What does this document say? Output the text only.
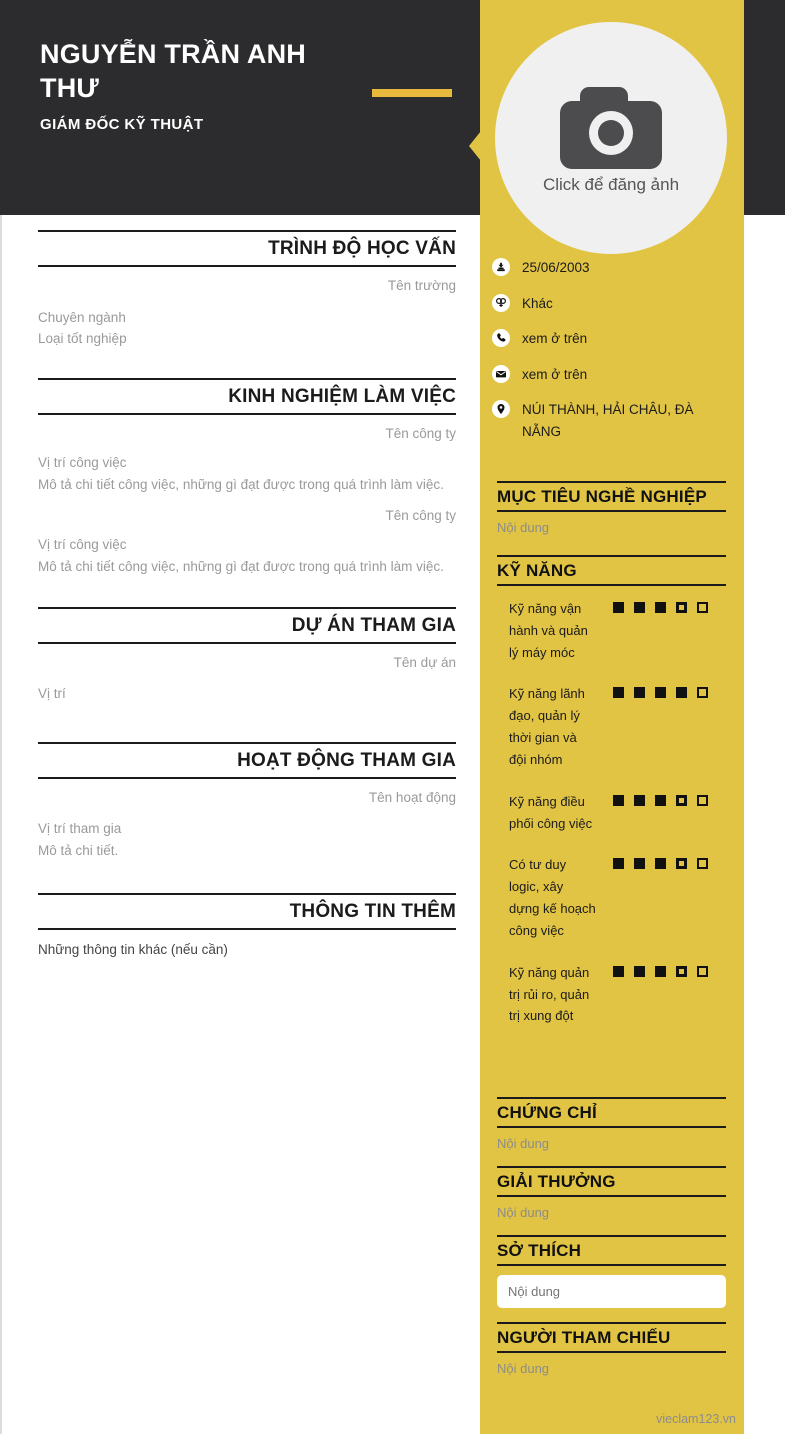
NGUYỄN TRẦN ANH THƯ
GIÁM ĐỐC KỸ THUẬT
Click để đăng ảnh
25/06/2003
Khác
xem ở trên
xem ở trên
NÚI THÀNH, HẢI CHÂU, ĐÀ NẴNG
MỤC TIÊU NGHỀ NGHIỆP
Nội dung
KỸ NĂNG
Kỹ năng vận hành và quản lý máy móc
Kỹ năng lãnh đạo, quản lý thời gian và đội nhóm
Kỹ năng điều phối công việc
Có tư duy logic, xây dựng kế hoạch công việc
Kỹ năng quản trị rủi ro, quản trị xung đột
CHỨNG CHỈ
Nội dung
GIẢI THƯỞNG
Nội dung
SỞ THÍCH
Nội dung
NGƯỜI THAM CHIẾU
Nội dung
vieclam123.vn
TRÌNH ĐỘ HỌC VẤN
Tên trường
Chuyên ngành
Loại tốt nghiệp
KINH NGHIỆM LÀM VIỆC
Tên công ty
Vị trí công việc
Mô tả chi tiết công việc, những gì đạt được trong quá trình làm việc.
Tên công ty
Vị trí công việc
Mô tả chi tiết công việc, những gì đạt được trong quá trình làm việc.
DỰ ÁN THAM GIA
Tên dự án
Vị trí
HOẠT ĐỘNG THAM GIA
Tên hoạt động
Vị trí tham gia
Mô tả chi tiết.
THÔNG TIN THÊM
Những thông tin khác (nếu cần)
